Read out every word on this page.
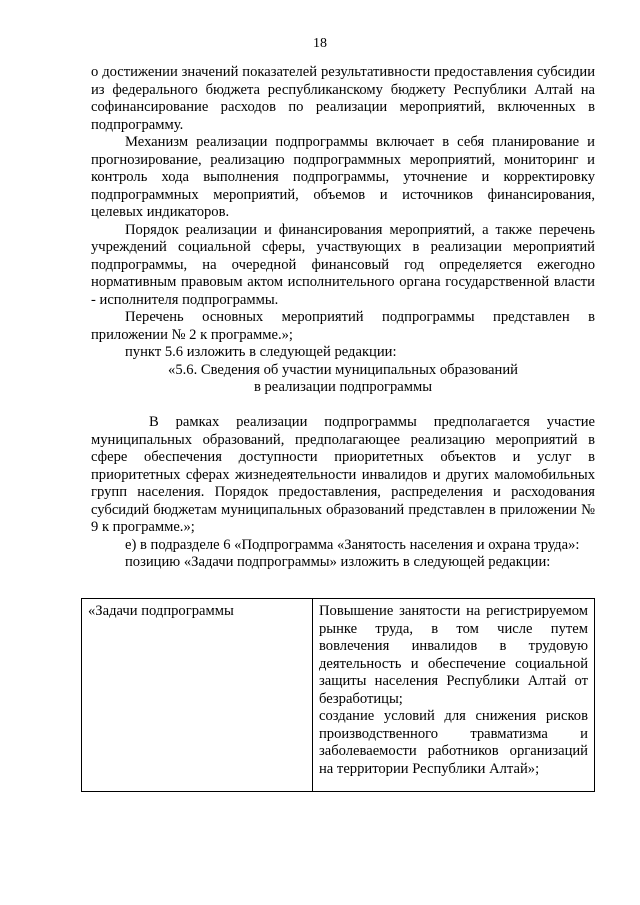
18

о достижении значений показателей результативности предоставления субсидии из федерального бюджета республиканскому бюджету Республики Алтай на софинансирование расходов по реализации мероприятий, включенных в подпрограмму.

Механизм реализации подпрограммы включает в себя планирование и прогнозирование, реализацию подпрограммных мероприятий, мониторинг и контроль хода выполнения подпрограммы, уточнение и корректировку подпрограммных мероприятий, объемов и источников финансирования, целевых индикаторов.

Порядок реализации и финансирования мероприятий, а также перечень учреждений социальной сферы, участвующих в реализации мероприятий подпрограммы, на очередной финансовый год определяется ежегодно нормативным правовым актом исполнительного органа государственной власти - исполнителя подпрограммы.

Перечень основных мероприятий подпрограммы представлен в приложении № 2 к программе.»;

пункт 5.6 изложить в следующей редакции:

«5.6. Сведения об участии муниципальных образований

в реализации подпрограммы

В рамках реализации подпрограммы предполагается участие муниципальных образований, предполагающее реализацию мероприятий в сфере обеспечения доступности приоритетных объектов и услуг в приоритетных сферах жизнедеятельности инвалидов и других маломобильных групп населения. Порядок предоставления, распределения и расходования субсидий бюджетам муниципальных образований представлен в приложении № 9 к программе.»;

е) в подразделе 6 «Подпрограмма «Занятость населения и охрана труда»:

позицию «Задачи подпрограммы» изложить в следующей редакции:

«Задачи подпрограммы	Повышение занятости на регистрируемом рынке труда, в том числе путем вовлечения инвалидов в трудовую деятельность и обеспечение социальной защиты населения Республики Алтай от безработицы;
создание условий для снижения рисков производственного травматизма и заболеваемости работников организаций на территории Республики Алтай»;
